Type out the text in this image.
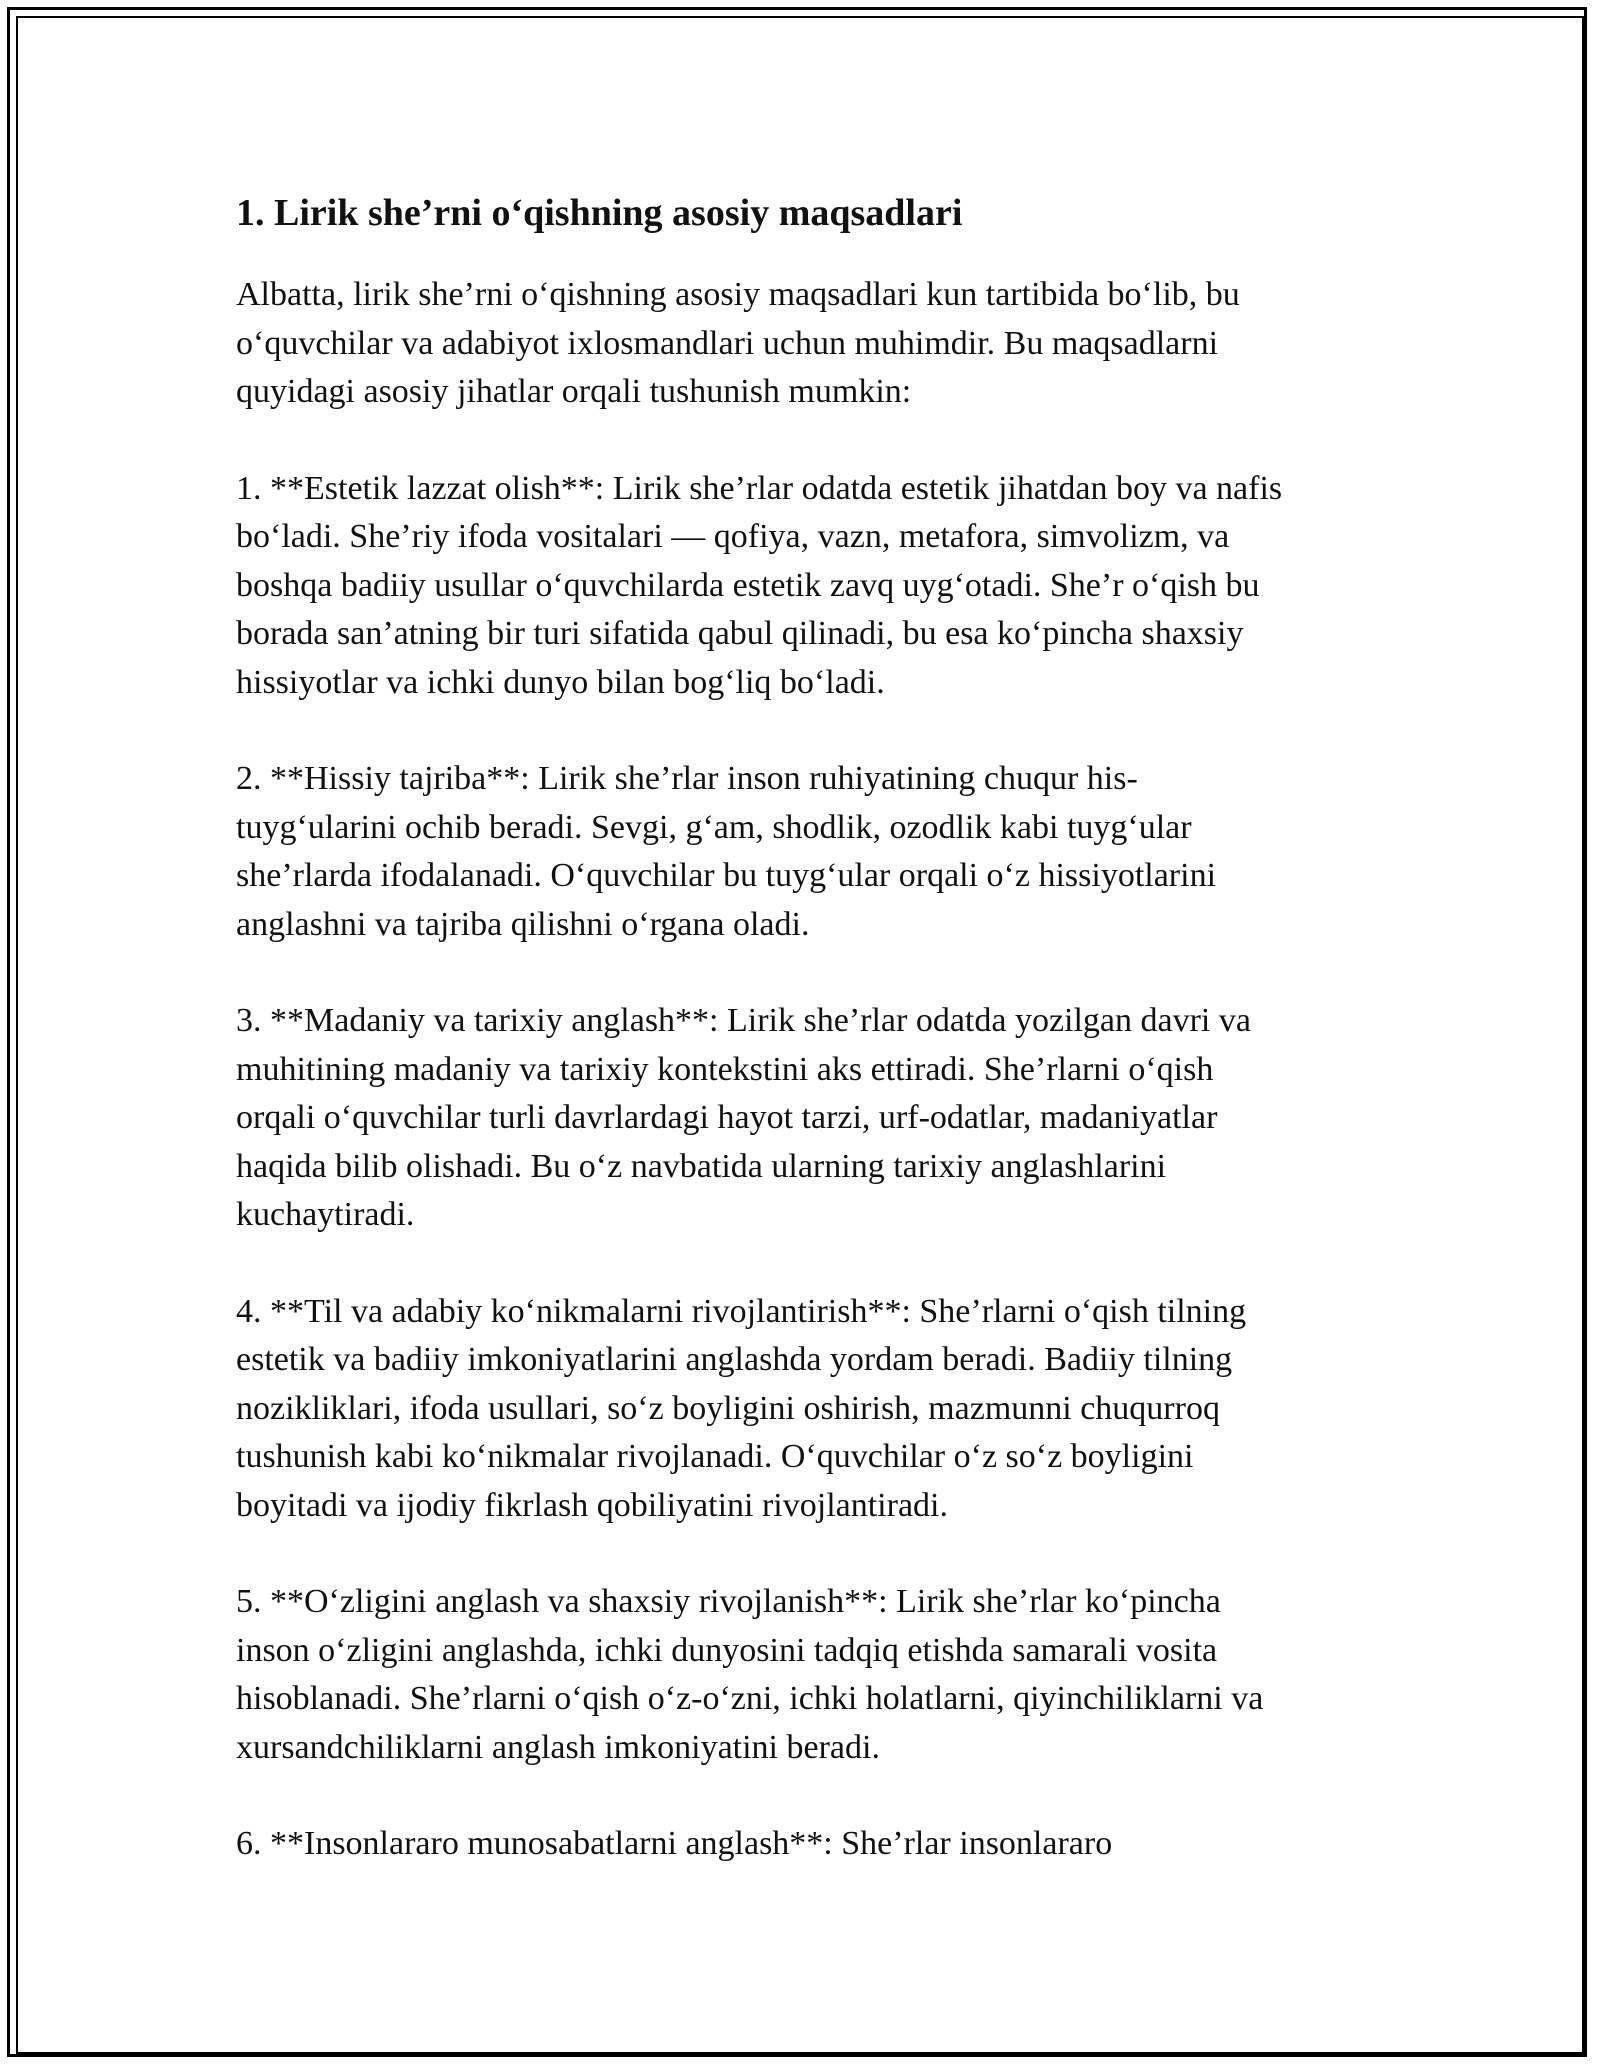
1. Lirik she’rni o‘qishning asosiy maqsadlari

Albatta, lirik she’rni o‘qishning asosiy maqsadlari kun tartibida bo‘lib, bu
o‘quvchilar va adabiyot ixlosmandlari uchun muhimdir. Bu maqsadlarni
quyidagi asosiy jihatlar orqali tushunish mumkin:

1. **Estetik lazzat olish**: Lirik she’rlar odatda estetik jihatdan boy va nafis
bo‘ladi. She’riy ifoda vositalari — qofiya, vazn, metafora, simvolizm, va
boshqa badiiy usullar o‘quvchilarda estetik zavq uyg‘otadi. She’r o‘qish bu
borada san’atning bir turi sifatida qabul qilinadi, bu esa ko‘pincha shaxsiy
hissiyotlar va ichki dunyo bilan bog‘liq bo‘ladi.

2. **Hissiy tajriba**: Lirik she’rlar inson ruhiyatining chuqur his-
tuyg‘ularini ochib beradi. Sevgi, g‘am, shodlik, ozodlik kabi tuyg‘ular
she’rlarda ifodalanadi. O‘quvchilar bu tuyg‘ular orqali o‘z hissiyotlarini
anglashni va tajriba qilishni o‘rgana oladi.

3. **Madaniy va tarixiy anglash**: Lirik she’rlar odatda yozilgan davri va
muhitining madaniy va tarixiy kontekstini aks ettiradi. She’rlarni o‘qish
orqali o‘quvchilar turli davrlardagi hayot tarzi, urf-odatlar, madaniyatlar
haqida bilib olishadi. Bu o‘z navbatida ularning tarixiy anglashlarini
kuchaytiradi.

4. **Til va adabiy ko‘nikmalarni rivojlantirish**: She’rlarni o‘qish tilning
estetik va badiiy imkoniyatlarini anglashda yordam beradi. Badiiy tilning
nozikliklari, ifoda usullari, so‘z boyligini oshirish, mazmunni chuqurroq
tushunish kabi ko‘nikmalar rivojlanadi. O‘quvchilar o‘z so‘z boyligini
boyitadi va ijodiy fikrlash qobiliyatini rivojlantiradi.

5. **O‘zligini anglash va shaxsiy rivojlanish**: Lirik she’rlar ko‘pincha
inson o‘zligini anglashda, ichki dunyosini tadqiq etishda samarali vosita
hisoblanadi. She’rlarni o‘qish o‘z-o‘zni, ichki holatlarni, qiyinchiliklarni va
xursandchiliklarni anglash imkoniyatini beradi.

6. **Insonlararo munosabatlarni anglash**: She’rlar insonlararo
